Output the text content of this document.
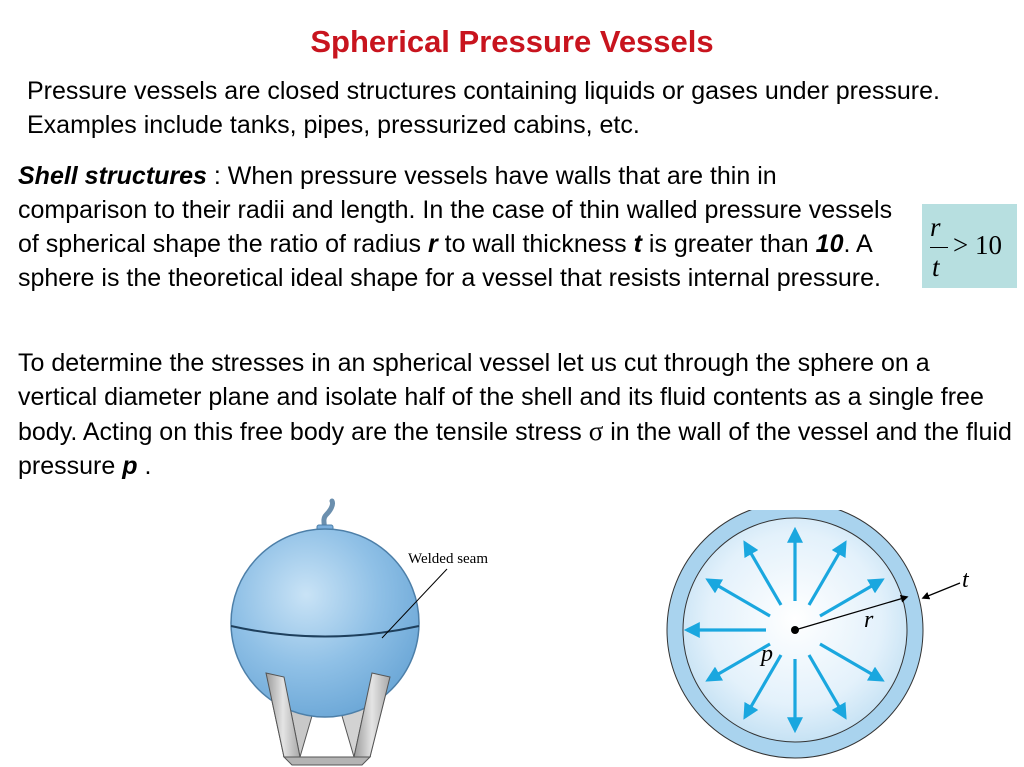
Spherical Pressure Vessels

Pressure vessels are closed structures containing liquids or gases under pressure. Examples include tanks, pipes, pressurized cabins, etc.

Shell structures : When pressure vessels have walls that are thin in comparison to their radii and length. In the case of thin walled pressure vessels of spherical shape the ratio of radius r to wall thickness t is greater than 10. A sphere is the theoretical ideal shape for a vessel that resists internal pressure.

r
t
> 10

To determine the stresses in an spherical vessel let us cut through the sphere on a vertical diameter plane and isolate half of the shell and its fluid contents as a single free body. Acting on this free body are the tensile stress σ in the wall of the vessel and the fluid pressure p .

Welded seam
t
r
p
